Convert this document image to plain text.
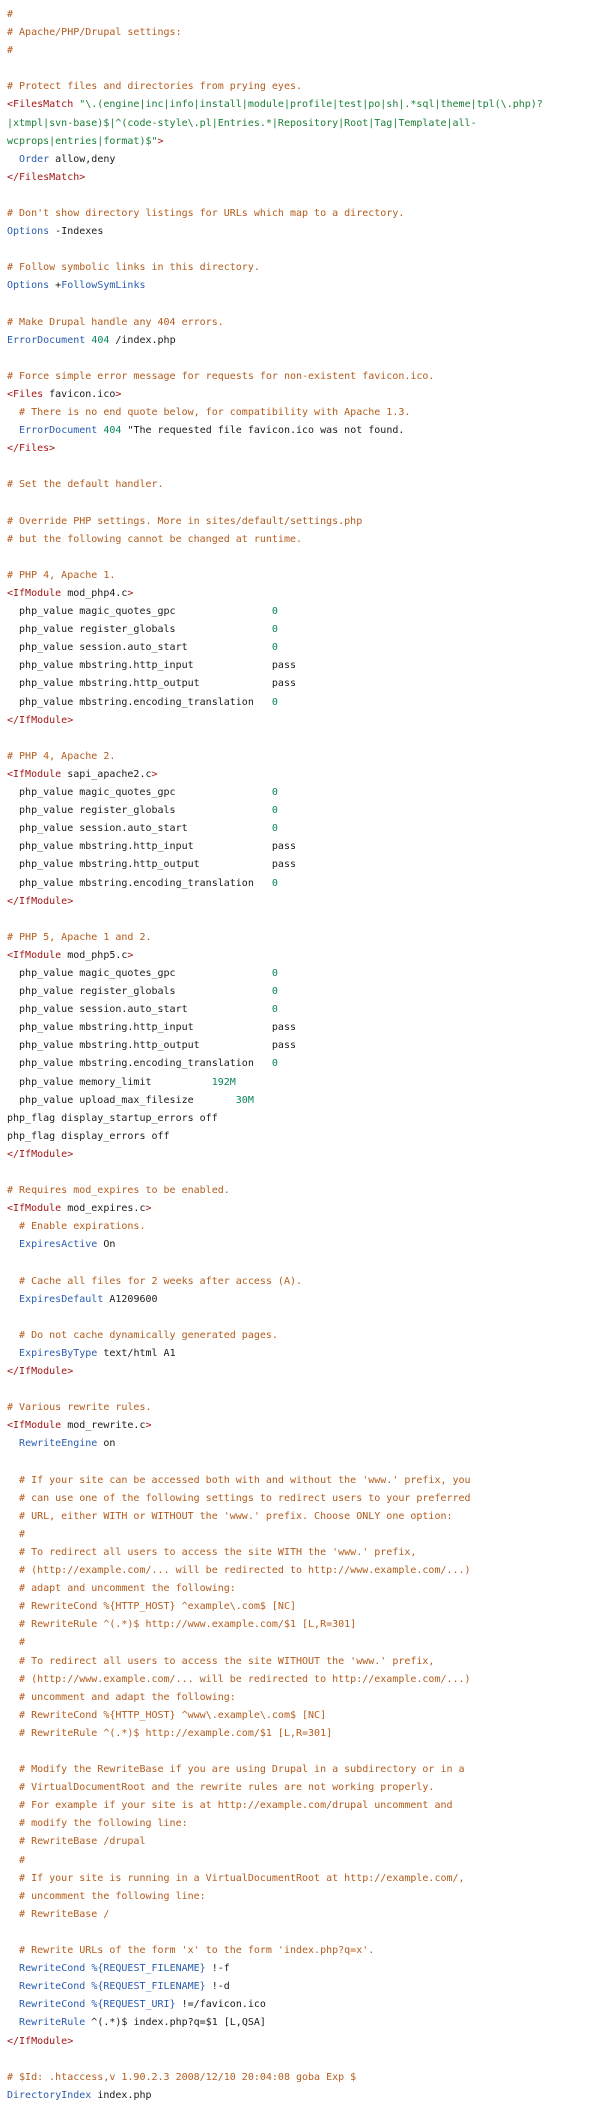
#
# Apache/PHP/Drupal settings:
#

# Protect files and directories from prying eyes.
<FilesMatch "\.(engine|inc|info|install|module|profile|test|po|sh|.*sql|theme|tpl(\.php)?
|xtmpl|svn-base)$|^(code-style\.pl|Entries.*|Repository|Root|Tag|Template|all-
wcprops|entries|format)$">
Order allow,deny
</FilesMatch>

# Don't show directory listings for URLs which map to a directory.
Options -Indexes

# Follow symbolic links in this directory.
Options +FollowSymLinks

# Make Drupal handle any 404 errors.
ErrorDocument 404 /index.php

# Force simple error message for requests for non-existent favicon.ico.
<Files favicon.ico>
# There is no end quote below, for compatibility with Apache 1.3.
ErrorDocument 404 "The requested file favicon.ico was not found.
</Files>

# Set the default handler.

# Override PHP settings. More in sites/default/settings.php
# but the following cannot be changed at runtime.

# PHP 4, Apache 1.
<IfModule mod_php4.c>
php_value magic_quotes_gpc                0
php_value register_globals                0
php_value session.auto_start              0
php_value mbstring.http_input             pass
php_value mbstring.http_output            pass
php_value mbstring.encoding_translation   0
</IfModule>

# PHP 4, Apache 2.
<IfModule sapi_apache2.c>
php_value magic_quotes_gpc                0
php_value register_globals                0
php_value session.auto_start              0
php_value mbstring.http_input             pass
php_value mbstring.http_output            pass
php_value mbstring.encoding_translation   0
</IfModule>

# PHP 5, Apache 1 and 2.
<IfModule mod_php5.c>
php_value magic_quotes_gpc                0
php_value register_globals                0
php_value session.auto_start              0
php_value mbstring.http_input             pass
php_value mbstring.http_output            pass
php_value mbstring.encoding_translation   0
php_value memory_limit          192M
php_value upload_max_filesize       30M
php_flag display_startup_errors off
php_flag display_errors off
</IfModule>

# Requires mod_expires to be enabled.
<IfModule mod_expires.c>
# Enable expirations.
ExpiresActive On

# Cache all files for 2 weeks after access (A).
ExpiresDefault A1209600

# Do not cache dynamically generated pages.
ExpiresByType text/html A1
</IfModule>

# Various rewrite rules.
<IfModule mod_rewrite.c>
RewriteEngine on

# If your site can be accessed both with and without the 'www.' prefix, you
# can use one of the following settings to redirect users to your preferred
# URL, either WITH or WITHOUT the 'www.' prefix. Choose ONLY one option:
#
# To redirect all users to access the site WITH the 'www.' prefix,
# (http://example.com/... will be redirected to http://www.example.com/...)
# adapt and uncomment the following:
# RewriteCond %{HTTP_HOST} ^example\.com$ [NC]
# RewriteRule ^(.*)$ http://www.example.com/$1 [L,R=301]
#
# To redirect all users to access the site WITHOUT the 'www.' prefix,
# (http://www.example.com/... will be redirected to http://example.com/...)
# uncomment and adapt the following:
# RewriteCond %{HTTP_HOST} ^www\.example\.com$ [NC]
# RewriteRule ^(.*)$ http://example.com/$1 [L,R=301]

# Modify the RewriteBase if you are using Drupal in a subdirectory or in a
# VirtualDocumentRoot and the rewrite rules are not working properly.
# For example if your site is at http://example.com/drupal uncomment and
# modify the following line:
# RewriteBase /drupal
#
# If your site is running in a VirtualDocumentRoot at http://example.com/,
# uncomment the following line:
# RewriteBase /

# Rewrite URLs of the form 'x' to the form 'index.php?q=x'.
RewriteCond %{REQUEST_FILENAME} !-f
RewriteCond %{REQUEST_FILENAME} !-d
RewriteCond %{REQUEST_URI} !=/favicon.ico
RewriteRule ^(.*)$ index.php?q=$1 [L,QSA]
</IfModule>

# $Id: .htaccess,v 1.90.2.3 2008/12/10 20:04:08 goba Exp $
DirectoryIndex index.php
